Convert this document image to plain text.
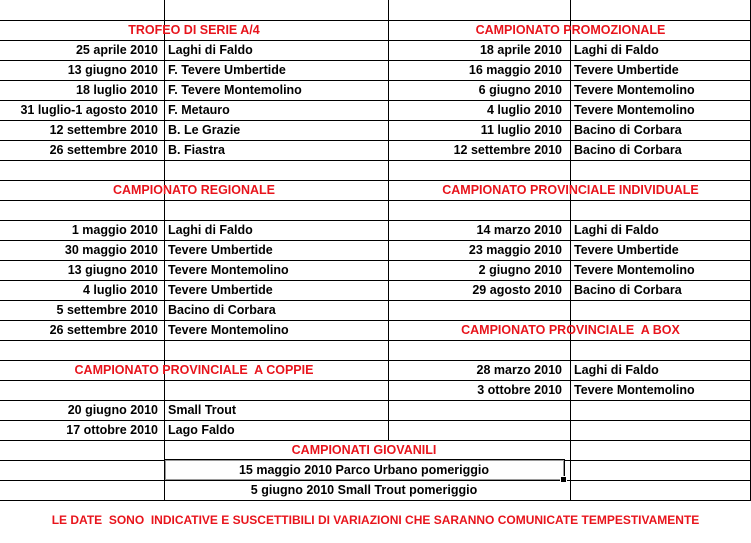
TROFEO DI SERIE A/4
25 aprile 2010 Laghi di Faldo
13 giugno 2010 F. Tevere Umbertide
18 luglio 2010 F. Tevere Montemolino
31 luglio-1 agosto 2010 F. Metauro
12 settembre 2010 B. Le Grazie
26 settembre 2010 B. Fiastra
CAMPIONATO PROMOZIONALE
18 aprile 2010 Laghi di Faldo
16 maggio 2010 Tevere Umbertide
6 giugno 2010 Tevere Montemolino
4 luglio 2010 Tevere Montemolino
11 luglio 2010 Bacino di Corbara
12 settembre 2010 Bacino di Corbara
CAMPIONATO REGIONALE
1 maggio 2010 Laghi di Faldo
30 maggio 2010 Tevere Umbertide
13 giugno 2010 Tevere Montemolino
4 luglio 2010 Tevere Umbertide
5 settembre 2010 Bacino di Corbara
26 settembre 2010 Tevere Montemolino
CAMPIONATO PROVINCIALE INDIVIDUALE
14 marzo 2010 Laghi di Faldo
23 maggio 2010 Tevere Umbertide
2 giugno 2010 Tevere Montemolino
29 agosto 2010 Bacino di Corbara
CAMPIONATO PROVINCIALE  A BOX
28 marzo 2010 Laghi di Faldo
3 ottobre 2010 Tevere Montemolino
CAMPIONATO PROVINCIALE  A COPPIE
20 giugno 2010 Small Trout
17 ottobre 2010 Lago Faldo
CAMPIONATI GIOVANILI
15 maggio 2010 Parco Urbano pomeriggio
5 giugno 2010 Small Trout pomeriggio
LE DATE  SONO  INDICATIVE E SUSCETTIBILI DI VARIAZIONI CHE SARANNO COMUNICATE TEMPESTIVAMENTE
